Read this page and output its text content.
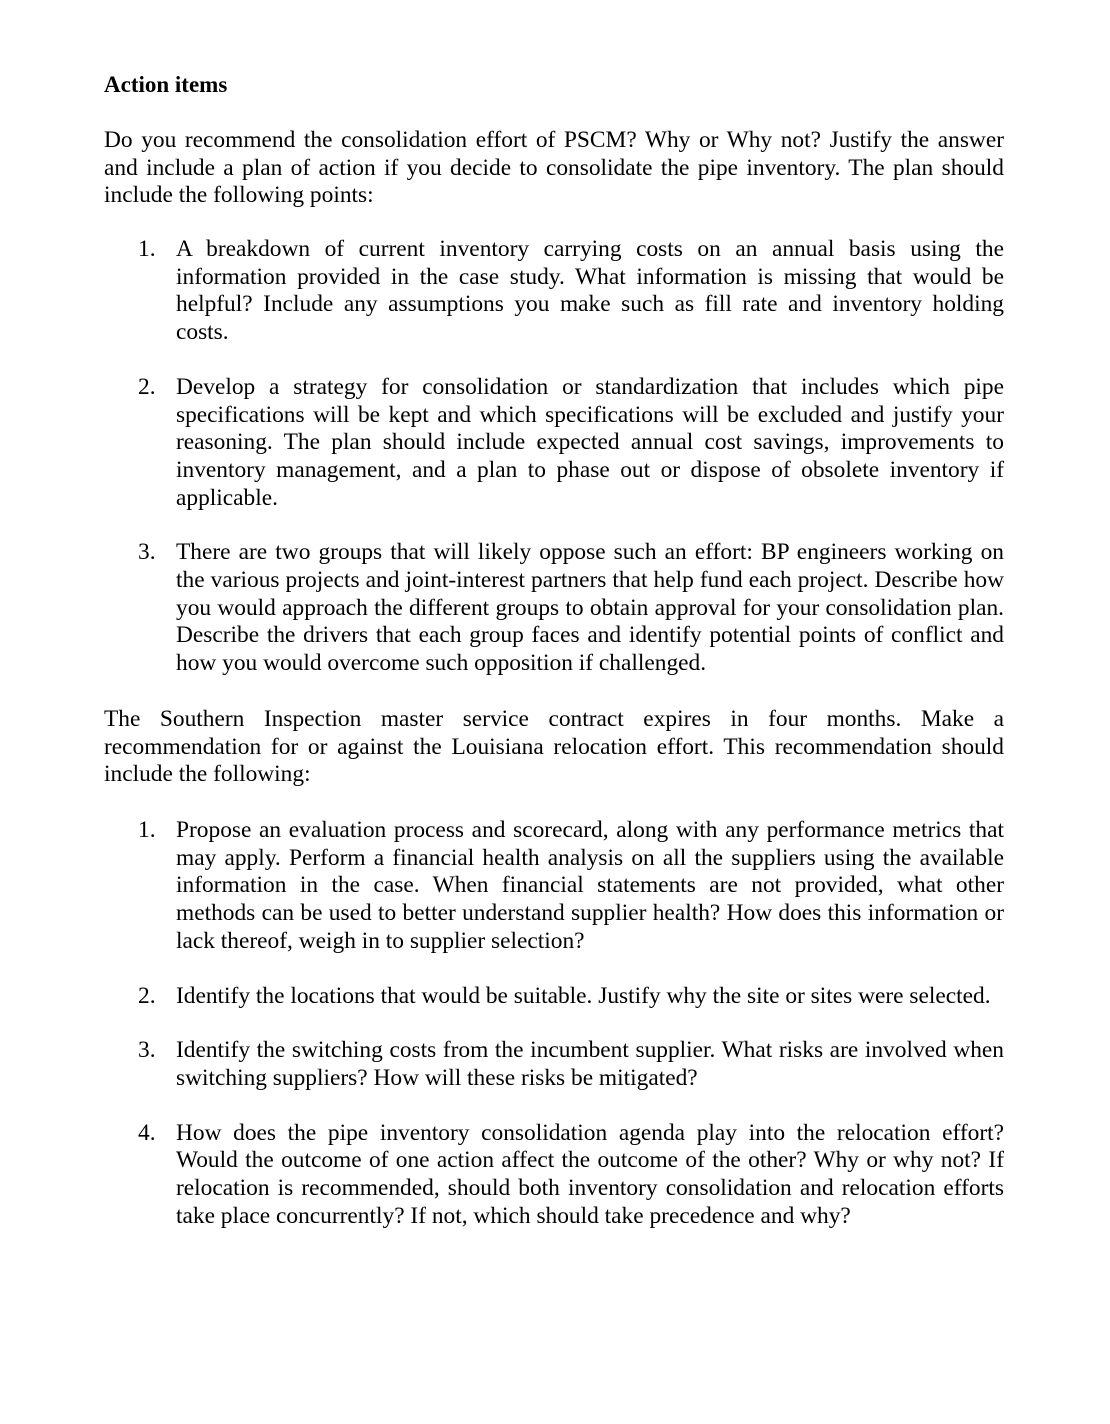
Action items
Do you recommend the consolidation effort of PSCM? Why or Why not? Justify the answer and include a plan of action if you decide to consolidate the pipe inventory. The plan should include the following points:
1. A breakdown of current inventory carrying costs on an annual basis using the information provided in the case study. What information is missing that would be helpful? Include any assumptions you make such as fill rate and inventory holding costs.
2. Develop a strategy for consolidation or standardization that includes which pipe specifications will be kept and which specifications will be excluded and justify your reasoning. The plan should include expected annual cost savings, improvements to inventory management, and a plan to phase out or dispose of obsolete inventory if applicable.
3. There are two groups that will likely oppose such an effort: BP engineers working on the various projects and joint-interest partners that help fund each project. Describe how you would approach the different groups to obtain approval for your consolidation plan. Describe the drivers that each group faces and identify potential points of conflict and how you would overcome such opposition if challenged.
The Southern Inspection master service contract expires in four months. Make a recommendation for or against the Louisiana relocation effort. This recommendation should include the following:
1. Propose an evaluation process and scorecard, along with any performance metrics that may apply. Perform a financial health analysis on all the suppliers using the available information in the case. When financial statements are not provided, what other methods can be used to better understand supplier health? How does this information or lack thereof, weigh in to supplier selection?
2. Identify the locations that would be suitable. Justify why the site or sites were selected.
3. Identify the switching costs from the incumbent supplier. What risks are involved when switching suppliers? How will these risks be mitigated?
4. How does the pipe inventory consolidation agenda play into the relocation effort? Would the outcome of one action affect the outcome of the other? Why or why not? If relocation is recommended, should both inventory consolidation and relocation efforts take place concurrently? If not, which should take precedence and why?
